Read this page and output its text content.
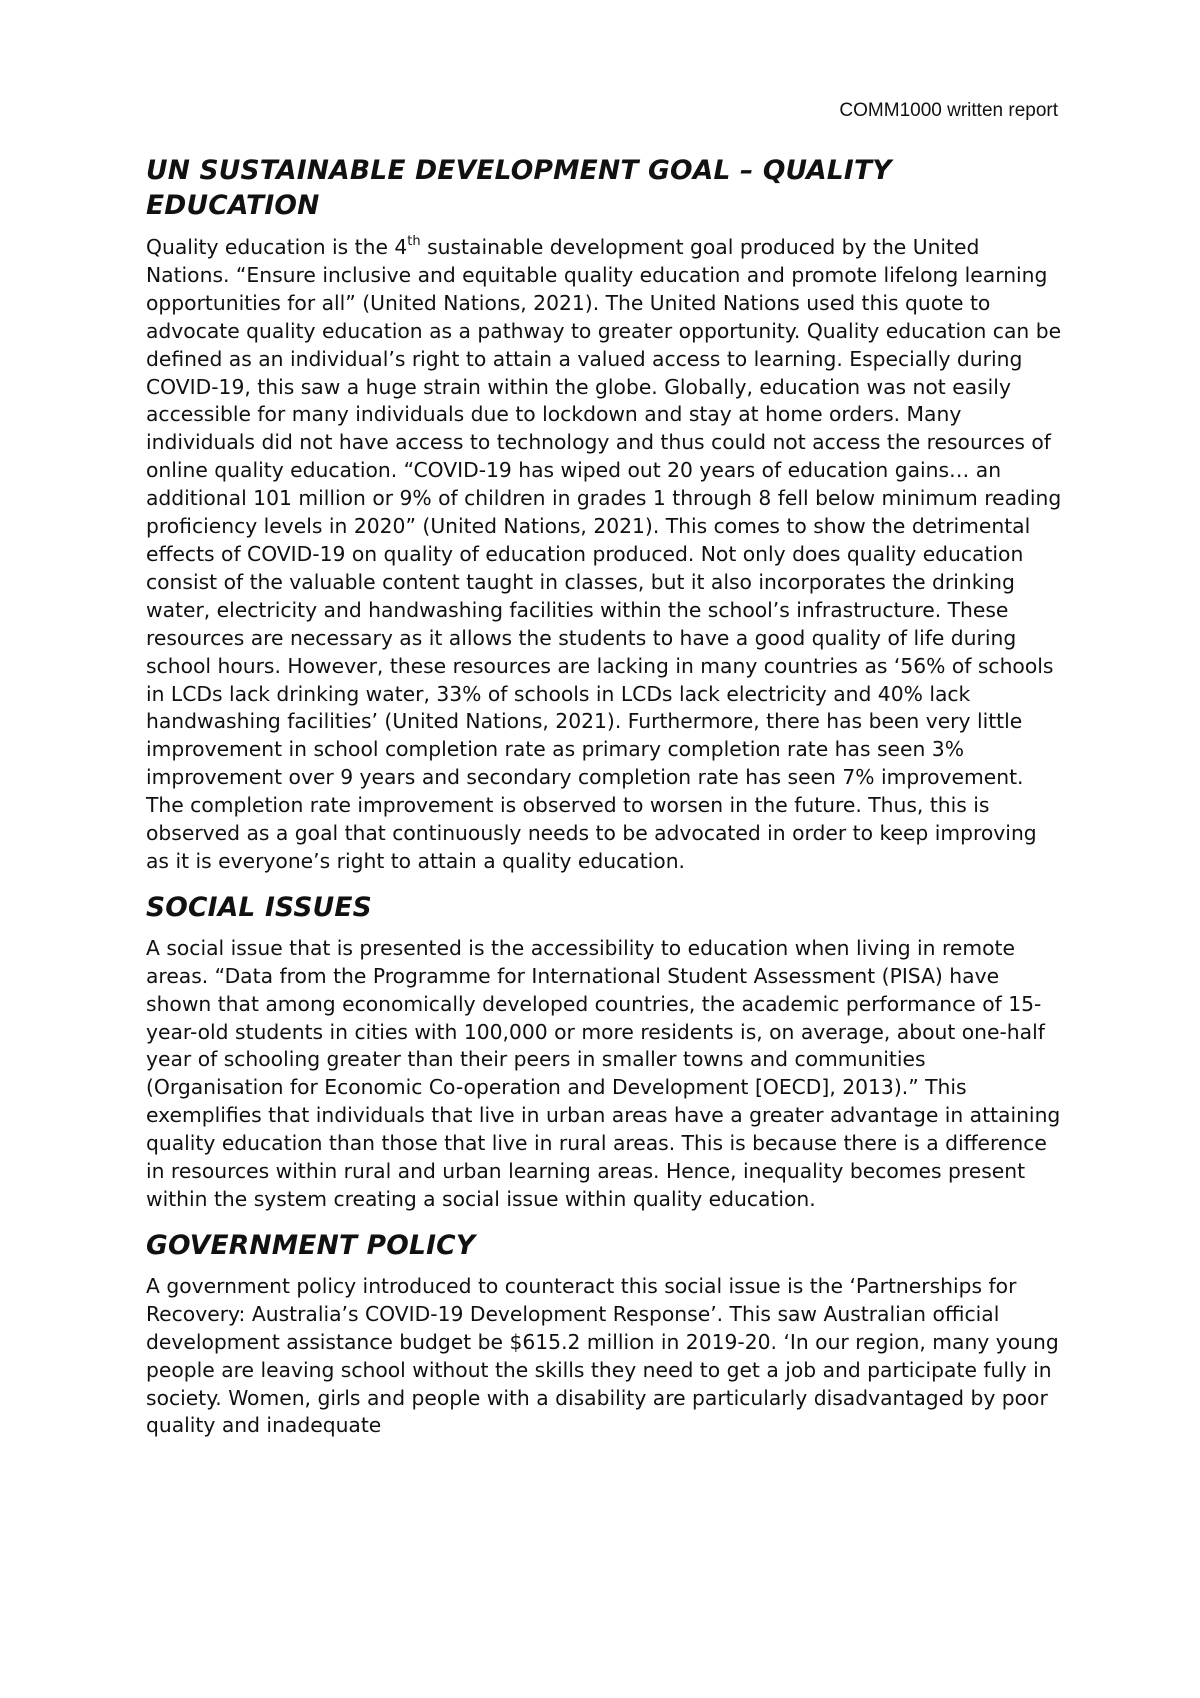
COMM1000 written report
UN SUSTAINABLE DEVELOPMENT GOAL – QUALITY EDUCATION

Quality education is the 4th sustainable development goal produced by the United Nations. “Ensure inclusive and equitable quality education and promote lifelong learning opportunities for all” (United Nations, 2021). The United Nations used this quote to advocate quality education as a pathway to greater opportunity. Quality education can be defined as an individual’s right to attain a valued access to learning. Especially during COVID-19, this saw a huge strain within the globe. Globally, education was not easily accessible for many individuals due to lockdown and stay at home orders. Many individuals did not have access to technology and thus could not access the resources of online quality education. “COVID-19 has wiped out 20 years of education gains… an additional 101 million or 9% of children in grades 1 through 8 fell below minimum reading proficiency levels in 2020” (United Nations, 2021). This comes to show the detrimental effects of COVID-19 on quality of education produced. Not only does quality education consist of the valuable content taught in classes, but it also incorporates the drinking water, electricity and handwashing facilities within the school’s infrastructure. These resources are necessary as it allows the students to have a good quality of life during school hours. However, these resources are lacking in many countries as ‘56% of schools in LCDs lack drinking water, 33% of schools in LCDs lack electricity and 40% lack handwashing facilities’ (United Nations, 2021). Furthermore, there has been very little improvement in school completion rate as primary completion rate has seen 3% improvement over 9 years and secondary completion rate has seen 7% improvement. The completion rate improvement is observed to worsen in the future. Thus, this is observed as a goal that continuously needs to be advocated in order to keep improving as it is everyone’s right to attain a quality education.

SOCIAL ISSUES

A social issue that is presented is the accessibility to education when living in remote areas. “Data from the Programme for International Student Assessment (PISA) have shown that among economically developed countries, the academic performance of 15-year-old students in cities with 100,000 or more residents is, on average, about one-half year of schooling greater than their peers in smaller towns and communities (Organisation for Economic Co-operation and Development [OECD], 2013).” This exemplifies that individuals that live in urban areas have a greater advantage in attaining quality education than those that live in rural areas. This is because there is a difference in resources within rural and urban learning areas. Hence, inequality becomes present within the system creating a social issue within quality education.

GOVERNMENT POLICY

A government policy introduced to counteract this social issue is the ‘Partnerships for Recovery: Australia’s COVID-19 Development Response’. This saw Australian official development assistance budget be $615.2 million in 2019-20. ‘In our region, many young people are leaving school without the skills they need to get a job and participate fully in society. Women, girls and people with a disability are particularly disadvantaged by poor quality and inadequate
